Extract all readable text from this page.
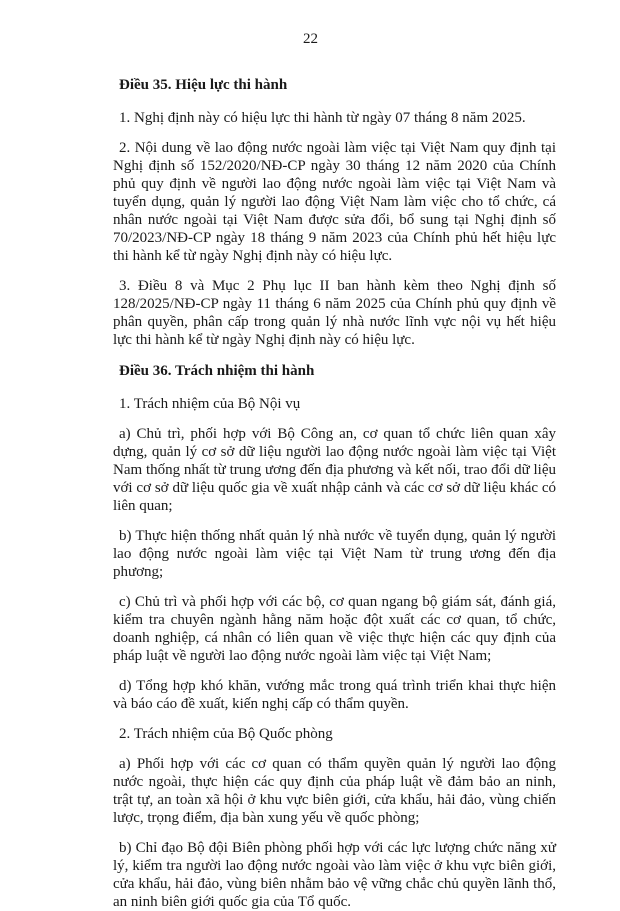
22
Điều 35. Hiệu lực thi hành

1. Nghị định này có hiệu lực thi hành từ ngày 07 tháng 8 năm 2025.

2. Nội dung về lao động nước ngoài làm việc tại Việt Nam quy định tại Nghị định số 152/2020/NĐ-CP ngày 30 tháng 12 năm 2020 của Chính phủ quy định về người lao động nước ngoài làm việc tại Việt Nam và tuyển dụng, quản lý người lao động Việt Nam làm việc cho tổ chức, cá nhân nước ngoài tại Việt Nam được sửa đổi, bổ sung tại Nghị định số 70/2023/NĐ-CP ngày 18 tháng 9 năm 2023 của Chính phủ hết hiệu lực thi hành kể từ ngày Nghị định này có hiệu lực.

3. Điều 8 và Mục 2 Phụ lục II ban hành kèm theo Nghị định số 128/2025/NĐ-CP ngày 11 tháng 6 năm 2025 của Chính phủ quy định về phân quyền, phân cấp trong quản lý nhà nước lĩnh vực nội vụ hết hiệu lực thi hành kể từ ngày Nghị định này có hiệu lực.

Điều 36. Trách nhiệm thi hành

1. Trách nhiệm của Bộ Nội vụ

a) Chủ trì, phối hợp với Bộ Công an, cơ quan tổ chức liên quan xây dựng, quản lý cơ sở dữ liệu người lao động nước ngoài làm việc tại Việt Nam thống nhất từ trung ương đến địa phương và kết nối, trao đổi dữ liệu với cơ sở dữ liệu quốc gia về xuất nhập cảnh và các cơ sở dữ liệu khác có liên quan;

b) Thực hiện thống nhất quản lý nhà nước về tuyển dụng, quản lý người lao động nước ngoài làm việc tại Việt Nam từ trung ương đến địa phương;

c) Chủ trì và phối hợp với các bộ, cơ quan ngang bộ giám sát, đánh giá, kiểm tra chuyên ngành hằng năm hoặc đột xuất các cơ quan, tổ chức, doanh nghiệp, cá nhân có liên quan về việc thực hiện các quy định của pháp luật về người lao động nước ngoài làm việc tại Việt Nam;

d) Tổng hợp khó khăn, vướng mắc trong quá trình triển khai thực hiện và báo cáo đề xuất, kiến nghị cấp có thẩm quyền.

2. Trách nhiệm của Bộ Quốc phòng

a) Phối hợp với các cơ quan có thẩm quyền quản lý người lao động nước ngoài, thực hiện các quy định của pháp luật về đảm bảo an ninh, trật tự, an toàn xã hội ở khu vực biên giới, cửa khẩu, hải đảo, vùng chiến lược, trọng điểm, địa bàn xung yếu về quốc phòng;

b) Chỉ đạo Bộ đội Biên phòng phối hợp với các lực lượng chức năng xử lý, kiểm tra người lao động nước ngoài vào làm việc ở khu vực biên giới, cửa khẩu, hải đảo, vùng biên nhằm bảo vệ vững chắc chủ quyền lãnh thổ, an ninh biên giới quốc gia của Tổ quốc.
